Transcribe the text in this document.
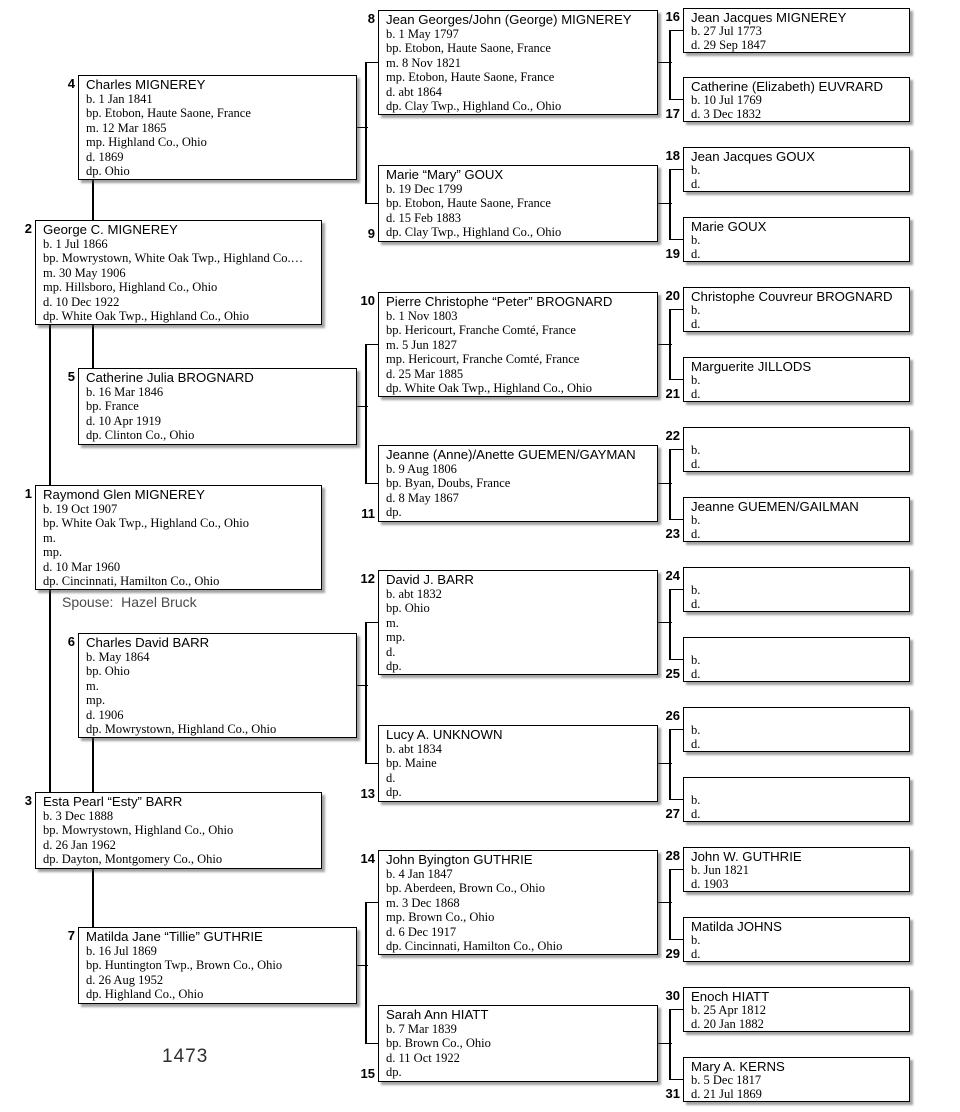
Spouse:  Hazel Bruck
1473
Raymond Glen MIGNEREY
b. 19 Oct 1907
bp. White Oak Twp., Highland Co., Ohio
m.
mp.
d. 10 Mar 1960
dp. Cincinnati, Hamilton Co., Ohio
1
George C. MIGNEREY
b. 1 Jul 1866
bp. Mowrystown, White Oak Twp., Highland Co.…
m. 30 May 1906
mp. Hillsboro, Highland Co., Ohio
d. 10 Dec 1922
dp. White Oak Twp., Highland Co., Ohio
2
Esta Pearl “Esty” BARR
b. 3 Dec 1888
bp. Mowrystown, Highland Co., Ohio
d. 26 Jan 1962
dp. Dayton, Montgomery Co., Ohio
3
Charles MIGNEREY
b. 1 Jan 1841
bp. Etobon, Haute Saone, France
m. 12 Mar 1865
mp. Highland Co., Ohio
d. 1869
dp. Ohio
4
Catherine Julia BROGNARD
b. 16 Mar 1846
bp. France
d. 10 Apr 1919
dp. Clinton Co., Ohio
5
Charles David BARR
b. May 1864
bp. Ohio
m.
mp.
d. 1906
dp. Mowrystown, Highland Co., Ohio
6
Matilda Jane “Tillie” GUTHRIE
b. 16 Jul 1869
bp. Huntington Twp., Brown Co., Ohio
d. 26 Aug 1952
dp. Highland Co., Ohio
7
Jean Georges/John (George) MIGNEREY
b. 1 May 1797
bp. Etobon, Haute Saone, France
m. 8 Nov 1821
mp. Etobon, Haute Saone, France
d. abt 1864
dp. Clay Twp., Highland Co., Ohio
8
Marie “Mary” GOUX
b. 19 Dec 1799
bp. Etobon, Haute Saone, France
d. 15 Feb 1883
dp. Clay Twp., Highland Co., Ohio
9
Pierre Christophe “Peter” BROGNARD
b. 1 Nov 1803
bp. Hericourt, Franche Comté, France
m. 5 Jun 1827
mp. Hericourt, Franche Comté, France
d. 25 Mar 1885
dp. White Oak Twp., Highland Co., Ohio
10
Jeanne (Anne)/Anette GUEMEN/GAYMAN
b. 9 Aug 1806
bp. Byan, Doubs, France
d. 8 May 1867
dp.
11
David J. BARR
b. abt 1832
bp. Ohio
m.
mp.
d.
dp.
12
Lucy A. UNKNOWN
b. abt 1834
bp. Maine
d.
dp.
13
John Byington GUTHRIE
b. 4 Jan 1847
bp. Aberdeen, Brown Co., Ohio
m. 3 Dec 1868
mp. Brown Co., Ohio
d. 6 Dec 1917
dp. Cincinnati, Hamilton Co., Ohio
14
Sarah Ann HIATT
b. 7 Mar 1839
bp. Brown Co., Ohio
d. 11 Oct 1922
dp.
15
Jean Jacques MIGNEREY
b. 27 Jul 1773
d. 29 Sep 1847
16
Catherine (Elizabeth) EUVRARD
b. 10 Jul 1769
d. 3 Dec 1832
17
Jean Jacques GOUX
b.
d.
18
Marie GOUX
b.
d.
19
Christophe Couvreur BROGNARD
b.
d.
20
Marguerite JILLODS
b.
d.
21
b.
d.
22
Jeanne GUEMEN/GAILMAN
b.
d.
23
b.
d.
24
b.
d.
25
b.
d.
26
b.
d.
27
John W. GUTHRIE
b. Jun 1821
d. 1903
28
Matilda JOHNS
b.
d.
29
Enoch HIATT
b. 25 Apr 1812
d. 20 Jan 1882
30
Mary A. KERNS
b. 5 Dec 1817
d. 21 Jul 1869
31
